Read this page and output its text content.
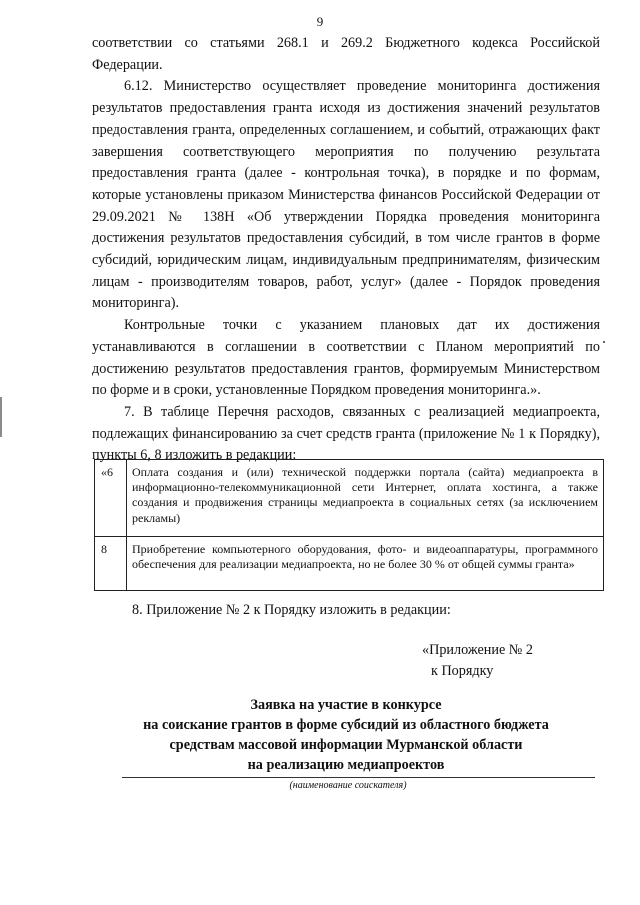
9

соответствии со статьями 268.1 и 269.2 Бюджетного кодекса Российской Федерации.

6.12. Министерство осуществляет проведение мониторинга достижения результатов предоставления гранта исходя из достижения значений результатов предоставления гранта, определенных соглашением, и событий, отражающих факт завершения соответствующего мероприятия по получению результата предоставления гранта (далее - контрольная точка), в порядке и по формам, которые установлены приказом Министерства финансов Российской Федерации от 29.09.2021 № 138Н «Об утверждении Порядка проведения мониторинга достижения результатов предоставления субсидий, в том числе грантов в форме субсидий, юридическим лицам, индивидуальным предпринимателям, физическим лицам - производителям товаров, работ, услуг» (далее - Порядок проведения мониторинга).

Контрольные точки с указанием плановых дат их достижения устанавливаются в соглашении в соответствии с Планом мероприятий по достижению результатов предоставления грантов, формируемым Министерством по форме и в сроки, установленные Порядком проведения мониторинга.».

7. В таблице Перечня расходов, связанных с реализацией медиапроекта, подлежащих финансированию за счет средств гранта (приложение № 1 к Порядку), пункты 6, 8 изложить в редакции:

«6	Оплата создания и (или) технической поддержки портала (сайта) медиапроекта в информационно-телекоммуникационной сети Интернет, оплата хостинга, а также создания и продвижения страницы медиапроекта в социальных сетях (за исключением рекламы)
8	Приобретение компьютерного оборудования, фото- и видеоаппаратуры, программного обеспечения для реализации медиапроекта, но не более 30 % от общей суммы гранта»

8. Приложение № 2 к Порядку изложить в редакции:

«Приложение № 2
к Порядку
Заявка на участие в конкурсе
на соискание грантов в форме субсидий из областного бюджета
средствам массовой информации Мурманской области
на реализацию медиапроектов
(наименование соискателя)
